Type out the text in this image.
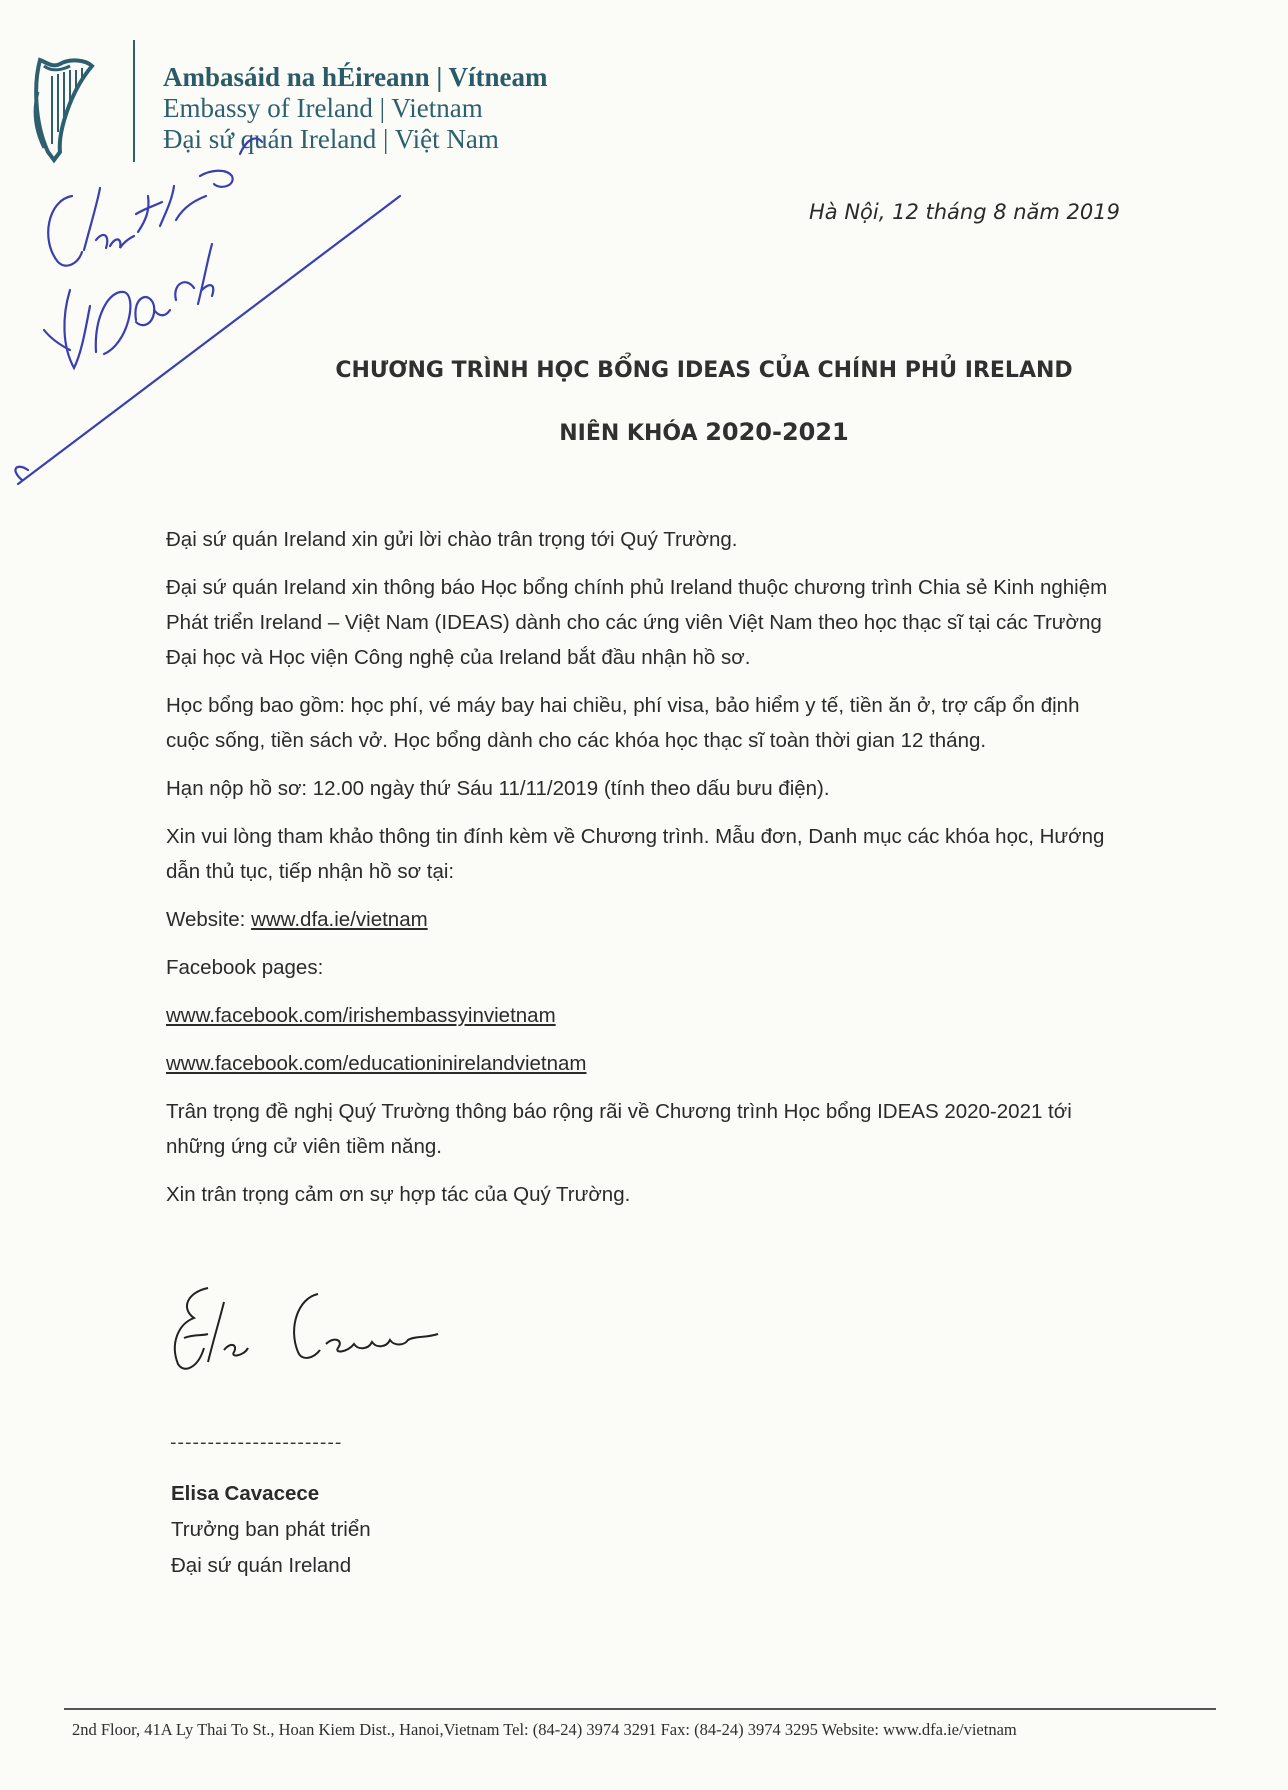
Ambasáid na hÉireann | Vítneam
Embassy of Ireland | Vietnam
Đại sứ quán Ireland | Việt Nam
Hà Nội, 12 tháng 8 năm 2019
CHƯƠNG TRÌNH HỌC BỔNG IDEAS CỦA CHÍNH PHỦ IRELAND
NIÊN KHÓA 2020-2021

Đại sứ quán Ireland xin gửi lời chào trân trọng tới Quý Trường.

Đại sứ quán Ireland xin thông báo Học bổng chính phủ Ireland thuộc chương trình Chia sẻ Kinh nghiệm Phát triển Ireland – Việt Nam (IDEAS) dành cho các ứng viên Việt Nam theo học thạc sĩ tại các Trường Đại học và Học viện Công nghệ của Ireland bắt đầu nhận hồ sơ.

Học bổng bao gồm: học phí, vé máy bay hai chiều, phí visa, bảo hiểm y tế, tiền ăn ở, trợ cấp ổn định cuộc sống, tiền sách vở. Học bổng dành cho các khóa học thạc sĩ toàn thời gian 12 tháng.

Hạn nộp hồ sơ: 12.00 ngày thứ Sáu 11/11/2019 (tính theo dấu bưu điện).

Xin vui lòng tham khảo thông tin đính kèm về Chương trình. Mẫu đơn, Danh mục các khóa học, Hướng dẫn thủ tục, tiếp nhận hồ sơ tại:

Website: www.dfa.ie/vietnam

Facebook pages:

www.facebook.com/irishembassyinvietnam

www.facebook.com/educationinirelandvietnam

Trân trọng đề nghị Quý Trường thông báo rộng rãi về Chương trình Học bổng IDEAS 2020-2021 tới những ứng cử viên tiềm năng.

Xin trân trọng cảm ơn sự hợp tác của Quý Trường.

-----------------------
Elisa Cavacece
Trưởng ban phát triển
Đại sứ quán Ireland
2nd Floor, 41A Ly Thai To St., Hoan Kiem Dist., Hanoi,Vietnam Tel: (84-24) 3974 3291 Fax: (84-24) 3974 3295 Website: www.dfa.ie/vietnam
